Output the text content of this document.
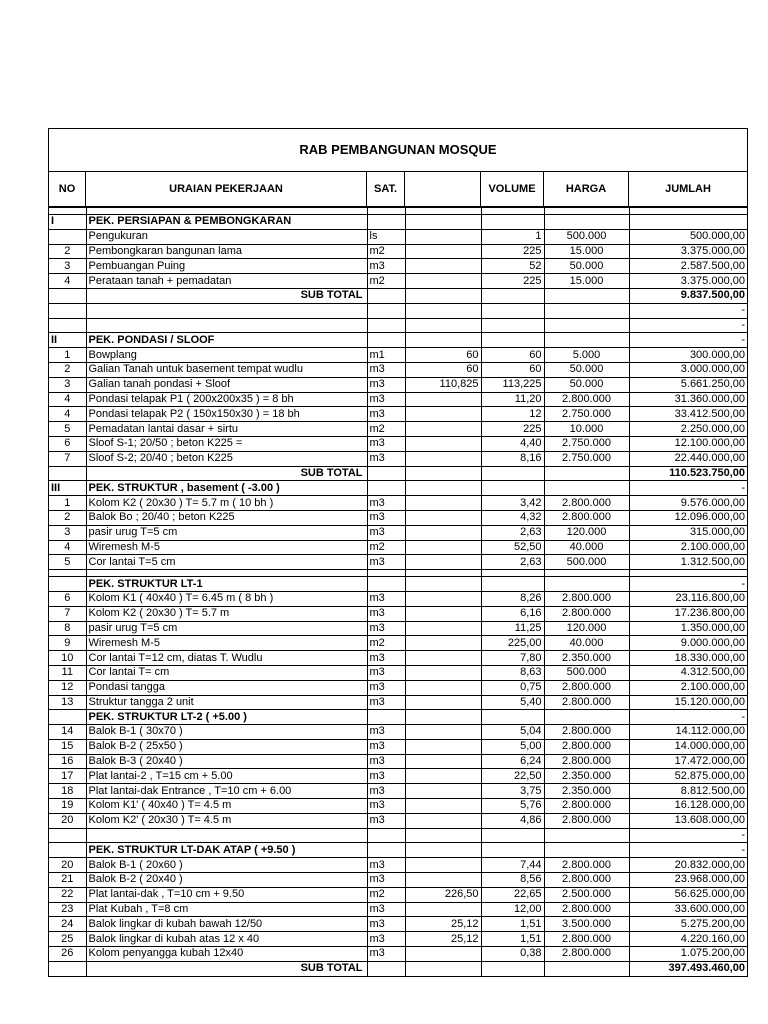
RAB PEMBANGUNAN MOSQUE
NO	URAIAN PEKERJAAN	SAT.	VOLUME	HARGA	JUMLAH

I	PEK. PERSIAPAN & PEMBONGKARAN					
	Pengukuran	ls		1	500.000	500.000,00
2	Pembongkaran bangunan lama	m2		225	15.000	3.375.000,00
3	Pembuangan Puing	m3		52	50.000	2.587.500,00
4	Perataan tanah + pemadatan	m2		225	15.000	3.375.000,00
	SUB TOTAL					9.837.500,00
						-
						-
II	PEK. PONDASI / SLOOF					-
1	Bowplang	m1	60	60	5.000	300.000,00
2	Galian Tanah untuk basement tempat wudlu	m3	60	60	50.000	3.000.000,00
3	Galian tanah pondasi + Sloof	m3	110,825	113,225	50.000	5.661.250,00
4	Pondasi telapak P1 ( 200x200x35 ) = 8 bh	m3		11,20	2.800.000	31.360.000,00
4	Pondasi telapak P2 ( 150x150x30 ) = 18 bh	m3		12	2.750.000	33.412.500,00
5	Pemadatan lantai dasar + sirtu	m2		225	10.000	2.250.000,00
6	Sloof S-1; 20/50 ; beton K225 =	m3		4,40	2.750.000	12.100.000,00
7	Sloof S-2; 20/40 ; beton K225	m3		8,16	2.750.000	22.440.000,00
	SUB TOTAL					110.523.750,00
III	PEK. STRUKTUR , basement ( -3.00 )					-
1	Kolom K2 ( 20x30 ) T= 5.7 m ( 10 bh )	m3		3,42	2.800.000	9.576.000,00
2	Balok Bo ; 20/40 ; beton K225	m3		4,32	2.800.000	12.096.000,00
3	pasir urug T=5 cm	m3		2,63	120.000	315.000,00
4	Wiremesh M-5	m2		52,50	40.000	2.100.000,00
5	Cor lantai T=5 cm	m3		2,63	500.000	1.312.500,00

	PEK. STRUKTUR LT-1					-
6	Kolom K1 ( 40x40 ) T= 6.45 m ( 8 bh )	m3		8,26	2.800.000	23.116.800,00
7	Kolom K2 ( 20x30 ) T= 5.7 m	m3		6,16	2.800.000	17.236.800,00
8	pasir urug T=5 cm	m3		11,25	120.000	1.350.000,00
9	Wiremesh M-5	m2		225,00	40.000	9.000.000,00
10	Cor lantai T=12 cm, diatas T. Wudlu	m3		7,80	2.350.000	18.330.000,00
11	Cor lantai T= cm	m3		8,63	500.000	4.312.500,00
12	Pondasi tangga	m3		0,75	2.800.000	2.100.000,00
13	Struktur tangga 2 unit	m3		5,40	2.800.000	15.120.000,00
	PEK. STRUKTUR LT-2 ( +5.00 )					-
14	Balok B-1 ( 30x70 )	m3		5,04	2.800.000	14.112.000,00
15	Balok B-2 ( 25x50 )	m3		5,00	2.800.000	14.000.000,00
16	Balok B-3 ( 20x40 )	m3		6,24	2.800.000	17.472.000,00
17	Plat lantai-2 , T=15 cm + 5.00	m3		22,50	2.350.000	52.875.000,00
18	Plat lantai-dak Entrance , T=10 cm + 6.00	m3		3,75	2.350.000	8.812.500,00
19	Kolom K1' ( 40x40 ) T= 4.5 m	m3		5,76	2.800.000	16.128.000,00
20	Kolom K2' ( 20x30 ) T= 4.5 m	m3		4,86	2.800.000	13.608.000,00
						-
	PEK. STRUKTUR LT-DAK ATAP ( +9.50 )					-
20	Balok B-1 ( 20x60 )	m3		7,44	2.800.000	20.832.000,00
21	Balok B-2 ( 20x40 )	m3		8,56	2.800.000	23.968.000,00
22	Plat lantai-dak , T=10 cm + 9.50	m2	226,50	22,65	2.500.000	56.625.000,00
23	Plat Kubah , T=8 cm	m3		12,00	2.800.000	33.600.000,00
24	Balok lingkar di kubah bawah 12/50	m3	25,12	1,51	3.500.000	5.275.200,00
25	Balok lingkar di kubah atas 12 x 40	m3	25,12	1,51	2.800.000	4.220.160,00
26	Kolom penyangga kubah 12x40	m3		0,38	2.800.000	1.075.200,00
	SUB TOTAL					397.493.460,00
